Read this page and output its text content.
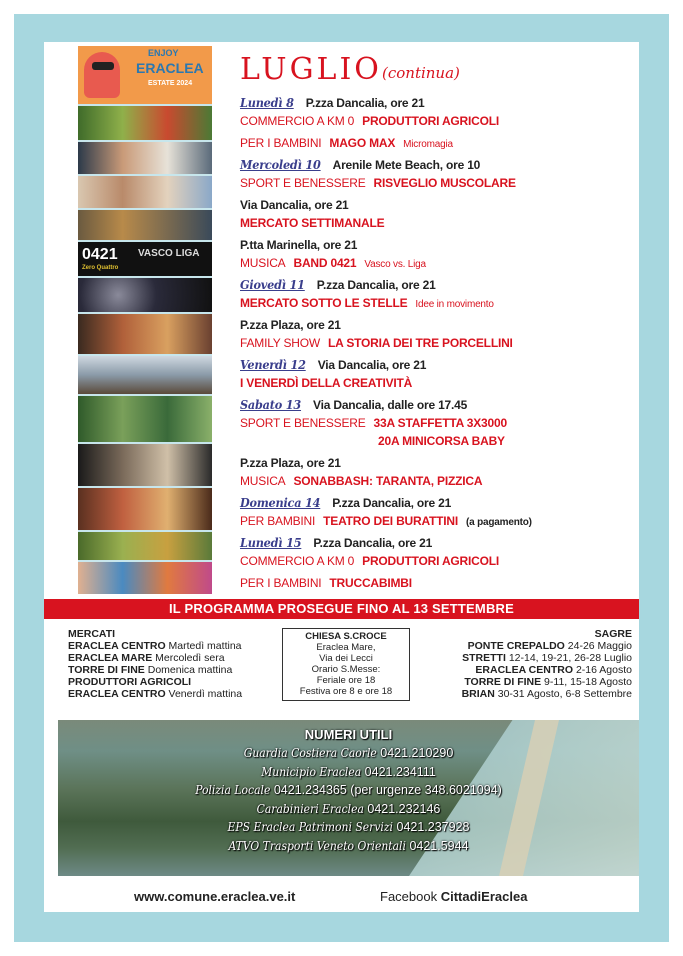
ENJOY
ERACLEA
ESTATE 2024
0421
Zero Quattro
VASCO LIGA
LUGLIO (continua)
Lunedì 8 P.zza Dancalia, ore 21
COMMERCIO A KM 0 PRODUTTORI AGRICOLI
PER I BAMBINI MAGO MAX Micromagia
Mercoledì 10 Arenile Mete Beach, ore 10
SPORT E BENESSERE RISVEGLIO MUSCOLARE
Via Dancalia, ore 21
MERCATO SETTIMANALE
P.tta Marinella, ore 21
MUSICA BAND 0421 Vasco vs. Liga
Giovedì 11 P.zza Dancalia, ore 21
MERCATO SOTTO LE STELLE Idee in movimento
P.zza Plaza, ore 21
FAMILY SHOW LA STORIA DEI TRE PORCELLINI
Venerdì 12 Via Dancalia, ore 21
I VENERDÌ DELLA CREATIVITÀ
Sabato 13 Via Dancalia, dalle ore 17.45
SPORT E BENESSERE 33A STAFFETTA 3X3000
20A MINICORSA BABY
P.zza Plaza, ore 21
MUSICA SONABBASH: TARANTA, PIZZICA
Domenica 14 P.zza Dancalia, ore 21
PER BAMBINI TEATRO DEI BURATTINI (a pagamento)
Lunedì 15 P.zza Dancalia, ore 21
COMMERCIO A KM 0 PRODUTTORI AGRICOLI
PER I BAMBINI TRUCCABIMBI
IL PROGRAMMA PROSEGUE FINO AL 13 SETTEMBRE
MERCATI
ERACLEA CENTRO Martedì mattina
ERACLEA MARE Mercoledì sera
TORRE DI FINE Domenica mattina
PRODUTTORI AGRICOLI
ERACLEA CENTRO Venerdì mattina
CHIESA S.CROCE
Eraclea Mare,
Via dei Lecci
Orario S.Messe:
Feriale ore 18
Festiva ore 8 e ore 18
SAGRE
PONTE CREPALDO 24-26 Maggio
STRETTI 12-14, 19-21, 26-28 Luglio
ERACLEA CENTRO 2-16 Agosto
TORRE DI FINE 9-11, 15-18 Agosto
BRIAN 30-31 Agosto, 6-8 Settembre
NUMERI UTILI
Guardia Costiera Caorle 0421.210290
Municipio Eraclea 0421.234111
Polizia Locale 0421.234365 (per urgenze 348.6021094)
Carabinieri Eraclea 0421.232146
EPS Eraclea Patrimoni Servizi 0421.237928
ATVO Trasporti Veneto Orientali 0421.5944
www.comune.eraclea.ve.it	Facebook CittadiEraclea
